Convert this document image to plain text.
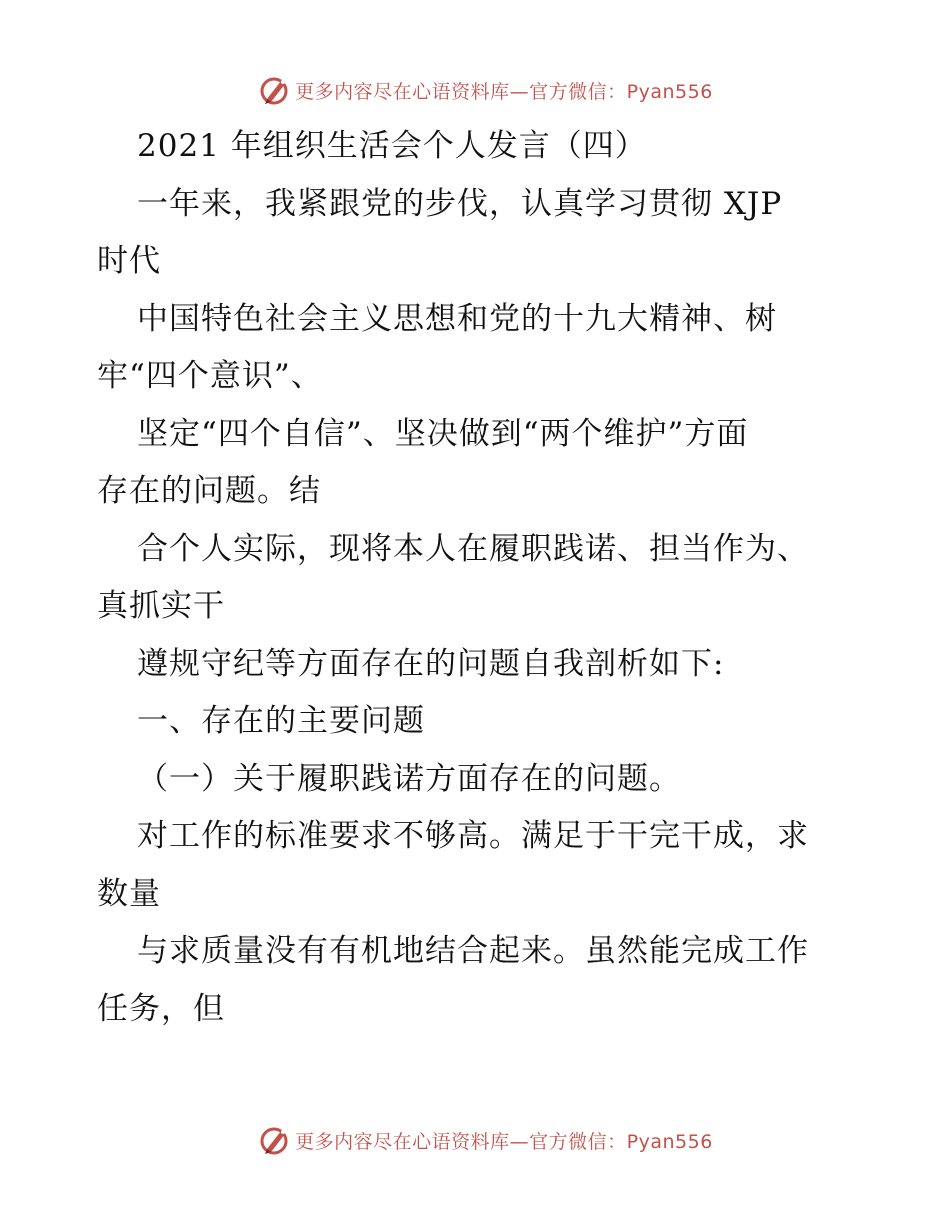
更多内容尽在心语资料库—官方微信：Pyan556
2021 年组织生活会个人发言（四）
一年来，我紧跟党的步伐，认真学习贯彻 XJP
时代
中国特色社会主义思想和党的十九大精神、树
牢“四个意识”、
坚定“四个自信”、坚决做到“两个维护”方面
存在的问题。结
合个人实际，现将本人在履职践诺、担当作为、
真抓实干
遵规守纪等方面存在的问题自我剖析如下:
一、存在的主要问题
（一）关于履职践诺方面存在的问题。
对工作的标准要求不够高。满足于干完干成，求
数量
与求质量没有有机地结合起来。虽然能完成工作
任务，但
更多内容尽在心语资料库—官方微信：Pyan556
